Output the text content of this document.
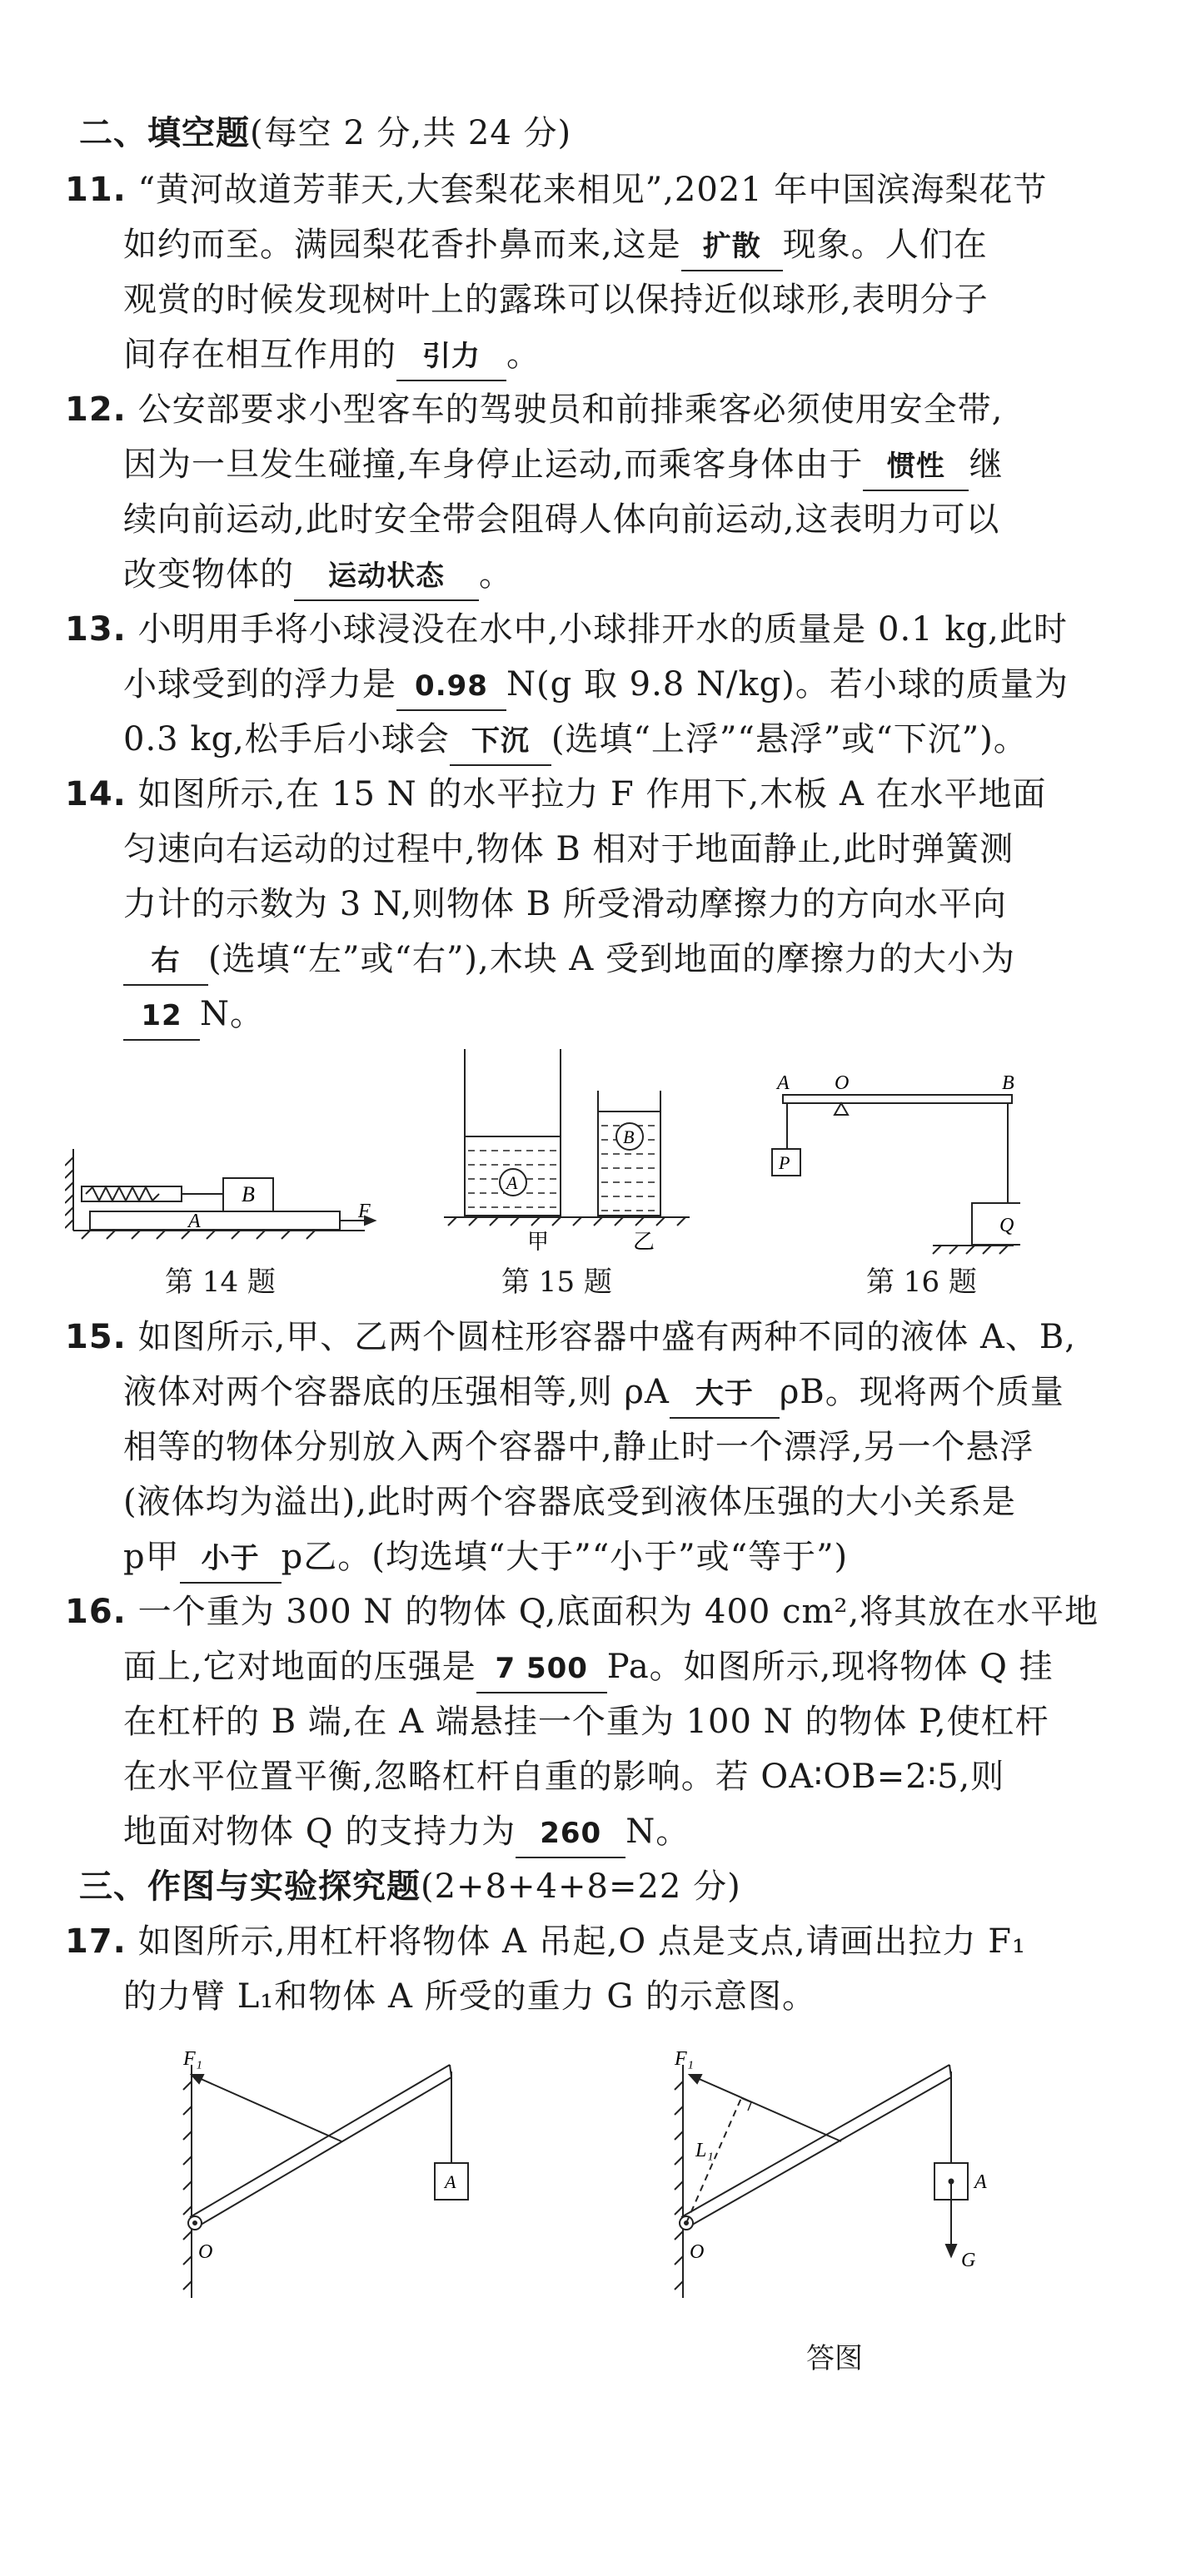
二、填空题(每空 2 分,共 24 分)
11. “黄河故道芳菲天,大套梨花来相见”,2021 年中国滨海梨花节
如约而至。满园梨花香扑鼻而来,这是 扩散 现象。人们在
观赏的时候发现树叶上的露珠可以保持近似球形,表明分子
间存在相互作用的 引力 。
12. 公安部要求小型客车的驾驶员和前排乘客必须使用安全带,
因为一旦发生碰撞,车身停止运动,而乘客身体由于 惯性 继
续向前运动,此时安全带会阻碍人体向前运动,这表明力可以
改变物体的 运动状态 。
13. 小明用手将小球浸没在水中,小球排开水的质量是 0.1 kg,此时
小球受到的浮力是 0.98 N(g 取 9.8 N/kg)。若小球的质量为
0.3 kg,松手后小球会 下沉 (选填“上浮”“悬浮”或“下沉”)。
14. 如图所示,在 15 N 的水平拉力 F 作用下,木板 A 在水平地面
匀速向右运动的过程中,物体 B 相对于地面静止,此时弹簧测
力计的示数为 3 N,则物体 B 所受滑动摩擦力的方向水平向
右 (选填“左”或“右”),木块 A 受到地面的摩擦力的大小为
12 N。
A
B
F
第 14 题
A
B
甲	乙
第 15 题
A O	B
P
Q
第 16 题
15. 如图所示,甲、乙两个圆柱形容器中盛有两种不同的液体 A、B,
液体对两个容器底的压强相等,则 ρA 大于 ρB。现将两个质量
相等的物体分别放入两个容器中,静止时一个漂浮,另一个悬浮
(液体均为溢出),此时两个容器底受到液体压强的大小关系是
p甲 小于 p乙。(均选填“大于”“小于”或“等于”)
16. 一个重为 300 N 的物体 Q,底面积为 400 cm²,将其放在水平地
面上,它对地面的压强是 7 500 Pa。如图所示,现将物体 Q 挂
在杠杆的 B 端,在 A 端悬挂一个重为 100 N 的物体 P,使杠杆
在水平位置平衡,忽略杠杆自重的影响。若 OA∶OB=2∶5,则
地面对物体 Q 的支持力为 260 N。
三、作图与实验探究题(2+8+4+8=22 分)
17. 如图所示,用杠杆将物体 A 吊起,O 点是支点,请画出拉力 F₁
的力臂 L₁和物体 A 所受的重力 G 的示意图。
F₁
A
O
F₁
L₁
A
G
O
答图
